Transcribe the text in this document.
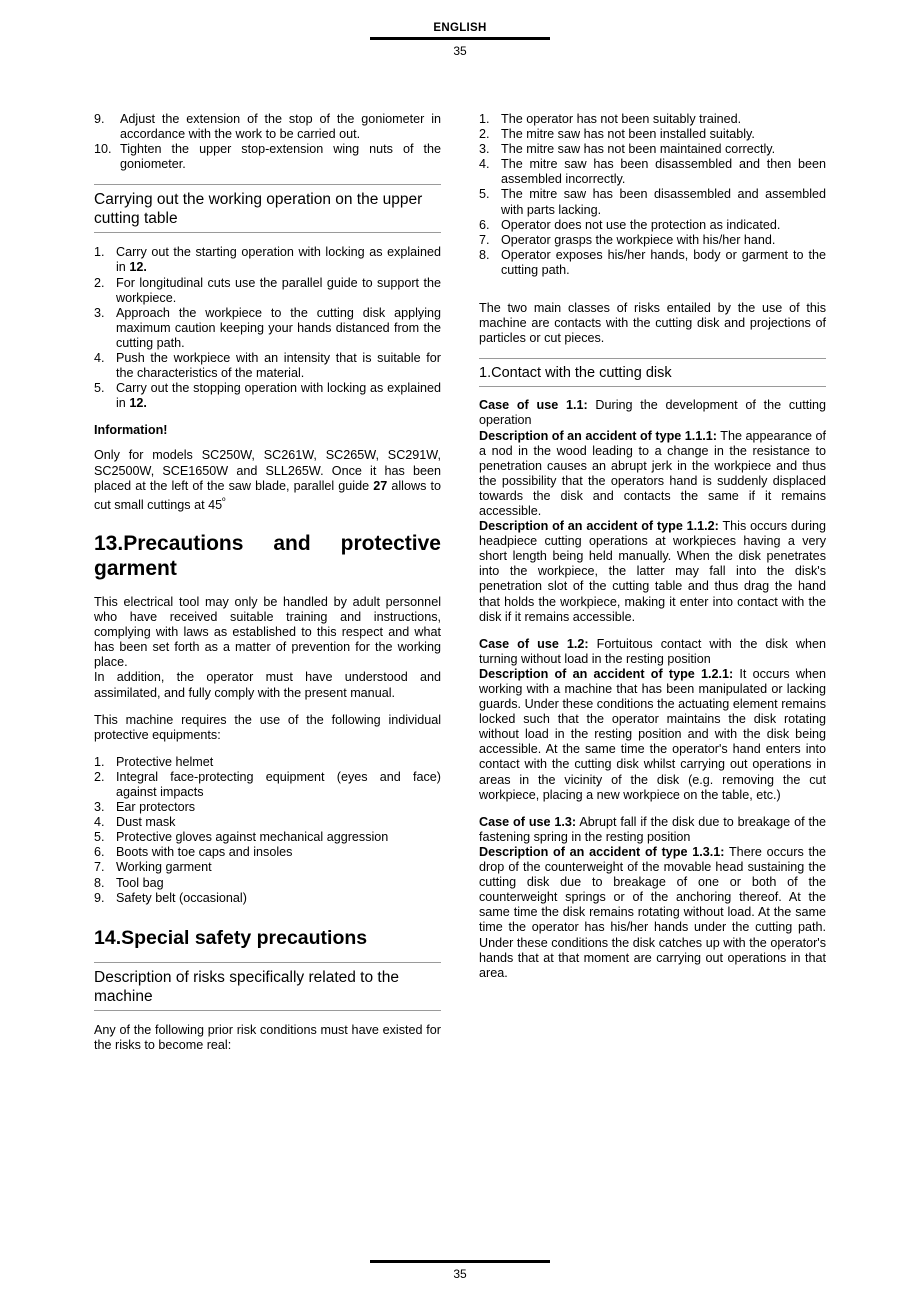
ENGLISH
35
9.	Adjust the extension of the stop of the goniometer in accordance with the work to be carried out.
10. Tighten the upper stop-extension wing nuts of the goniometer.
Carrying out the working operation on the upper cutting table
1. Carry out the starting operation with locking as explained in 12.
2. For longitudinal cuts use the parallel guide to support the workpiece.
3. Approach the workpiece to the cutting disk applying maximum caution keeping your hands distanced from the cutting path.
4. Push the workpiece with an intensity that is suitable for the characteristics of the material.
5. Carry out the stopping operation with locking as explained in 12.
Information!

Only for models SC250W, SC261W, SC265W, SC291W, SC2500W, SCE1650W and SLL265W. Once it has been placed at the left of the saw blade, parallel guide 27 allows to cut small cuttings at $45^º$

13.Precautions and protective garment

This electrical tool may only be handled by adult personnel who have received suitable training and instructions, complying with laws as established to this respect and what has been set forth as a matter of prevention for the working place.

In addition, the operator must have understood and assimilated, and fully comply with the present manual.

This machine requires the use of the following individual protective equipments:

1. Protective helmet
2. Integral face-protecting equipment (eyes and face) against impacts
3. Ear protectors
4. Dust mask
5. Protective gloves against mechanical aggression
6. Boots with toe caps and insoles
7. Working garment
8. Tool bag
9. Safety belt (occasional)
14.Special safety precautions
Description of risks specifically related to the machine

Any of the following prior risk conditions must have existed for the risks to become real:

1. The operator has not been suitably trained.
2. The mitre saw has not been installed suitably.
3. The mitre saw has not been maintained correctly.
4. The mitre saw has been disassembled and then been assembled incorrectly.
5. The mitre saw has been disassembled and assembled with parts lacking.
6. Operator does not use the protection as indicated.
7. Operator grasps the workpiece with his/her hand.
8. Operator exposes his/her hands, body or garment to the cutting path.

The two main classes of risks entailed by the use of this machine are contacts with the cutting disk and projections of particles or cut pieces.

1.Contact with the cutting disk

Case of use 1.1: During the development of the cutting operation

Description of an accident of type 1.1.1: The appearance of a nod in the wood leading to a change in the resistance to penetration causes an abrupt jerk in the workpiece and thus the possibility that the operators hand is suddenly displaced towards the disk and contacts the same if it remains accessible.

Description of an accident of type 1.1.2: This occurs during headpiece cutting operations at workpieces having a very short length being held manually. When the disk penetrates into the workpiece, the latter may fall into the disk's penetration slot of the cutting table and thus drag the hand that holds the workpiece, making it enter into contact with the disk if it remains accessible.

Case of use 1.2: Fortuitous contact with the disk when turning without load in the resting position

Description of an accident of type 1.2.1: It occurs when working with a machine that has been manipulated or lacking guards. Under these conditions the actuating element remains locked such that the operator maintains the disk rotating without load in the resting position and with the disk being accessible. At the same time the operator's hand enters into contact with the cutting disk whilst carrying out operations in areas in the vicinity of the disk (e.g. removing the cut workpiece, placing a new workpiece on the table, etc.)

Case of use 1.3: Abrupt fall if the disk due to breakage of the fastening spring in the resting position

Description of an accident of type 1.3.1: There occurs the drop of the counterweight of the movable head sustaining the cutting disk due to breakage of one or both of the counterweight springs or of the anchoring thereof. At the same time the disk remains rotating without load. At the same time the operator has his/her hands under the cutting path. Under these conditions the disk catches up with the operator's hands that at that moment are carrying out operations in that area.

35
